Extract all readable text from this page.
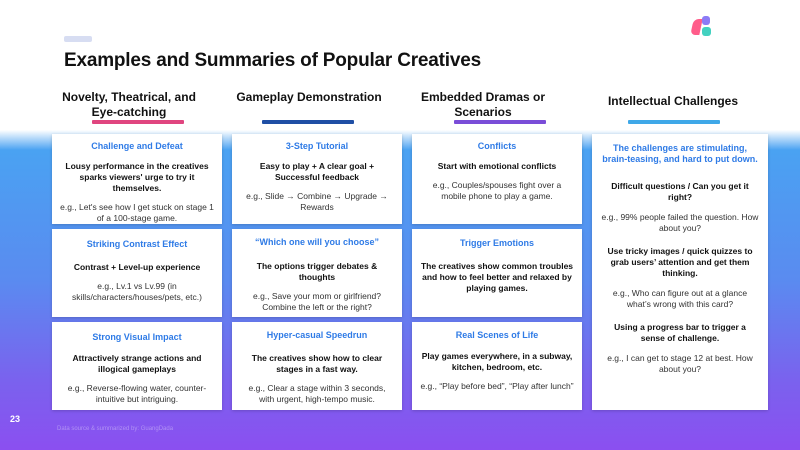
Examples and Summaries of Popular Creatives
Novelty, Theatrical, and Eye-catching
Gameplay Demonstration	Embedded Dramas or Scenarios
Intellectual Challenges
Challenge and Defeat
Lousy performance in the creatives sparks viewers' urge to try it themselves.
e.g., Let's see how I get stuck on stage 1 of a 100-stage game.
Striking Contrast Effect
Contrast + Level-up experience
e.g., Lv.1 vs Lv.99 (in skills/characters/houses/pets, etc.)
Strong Visual Impact
Attractively strange actions and illogical gameplays
e.g., Reverse-flowing water, counter-intuitive but intriguing.
3-Step Tutorial
Easy to play + A clear goal + Successful feedback
e.g., Slide → Combine → Upgrade → Rewards
“Which one will you choose”
The options trigger debates & thoughts
e.g., Save your mom or girlfriend? Combine the left or the right?
Hyper-casual Speedrun
The creatives show how to clear stages in a fast way.
e.g., Clear a stage within 3 seconds, with urgent, high-tempo music.
Conflicts
Start with emotional conflicts
e.g., Couples/spouses fight over a mobile phone to play a game.
Trigger Emotions
The creatives show common troubles and how to feel better and relaxed by playing games.
Real Scenes of Life
Play games everywhere, in a subway, kitchen, bedroom, etc.
e.g., “Play before bed”, “Play after lunch”
The challenges are stimulating, brain-teasing, and hard to put down.
Difficult questions / Can you get it right?
e.g., 99% people failed the question. How about you?
Use tricky images / quick quizzes to grab users’ attention and get them thinking.
e.g., Who can figure out at a glance what’s wrong with this card?
Using a progress bar to trigger a sense of challenge.
e.g., I can get to stage 12 at best. How about you?
23
Data source & summarized by: GuangDada
